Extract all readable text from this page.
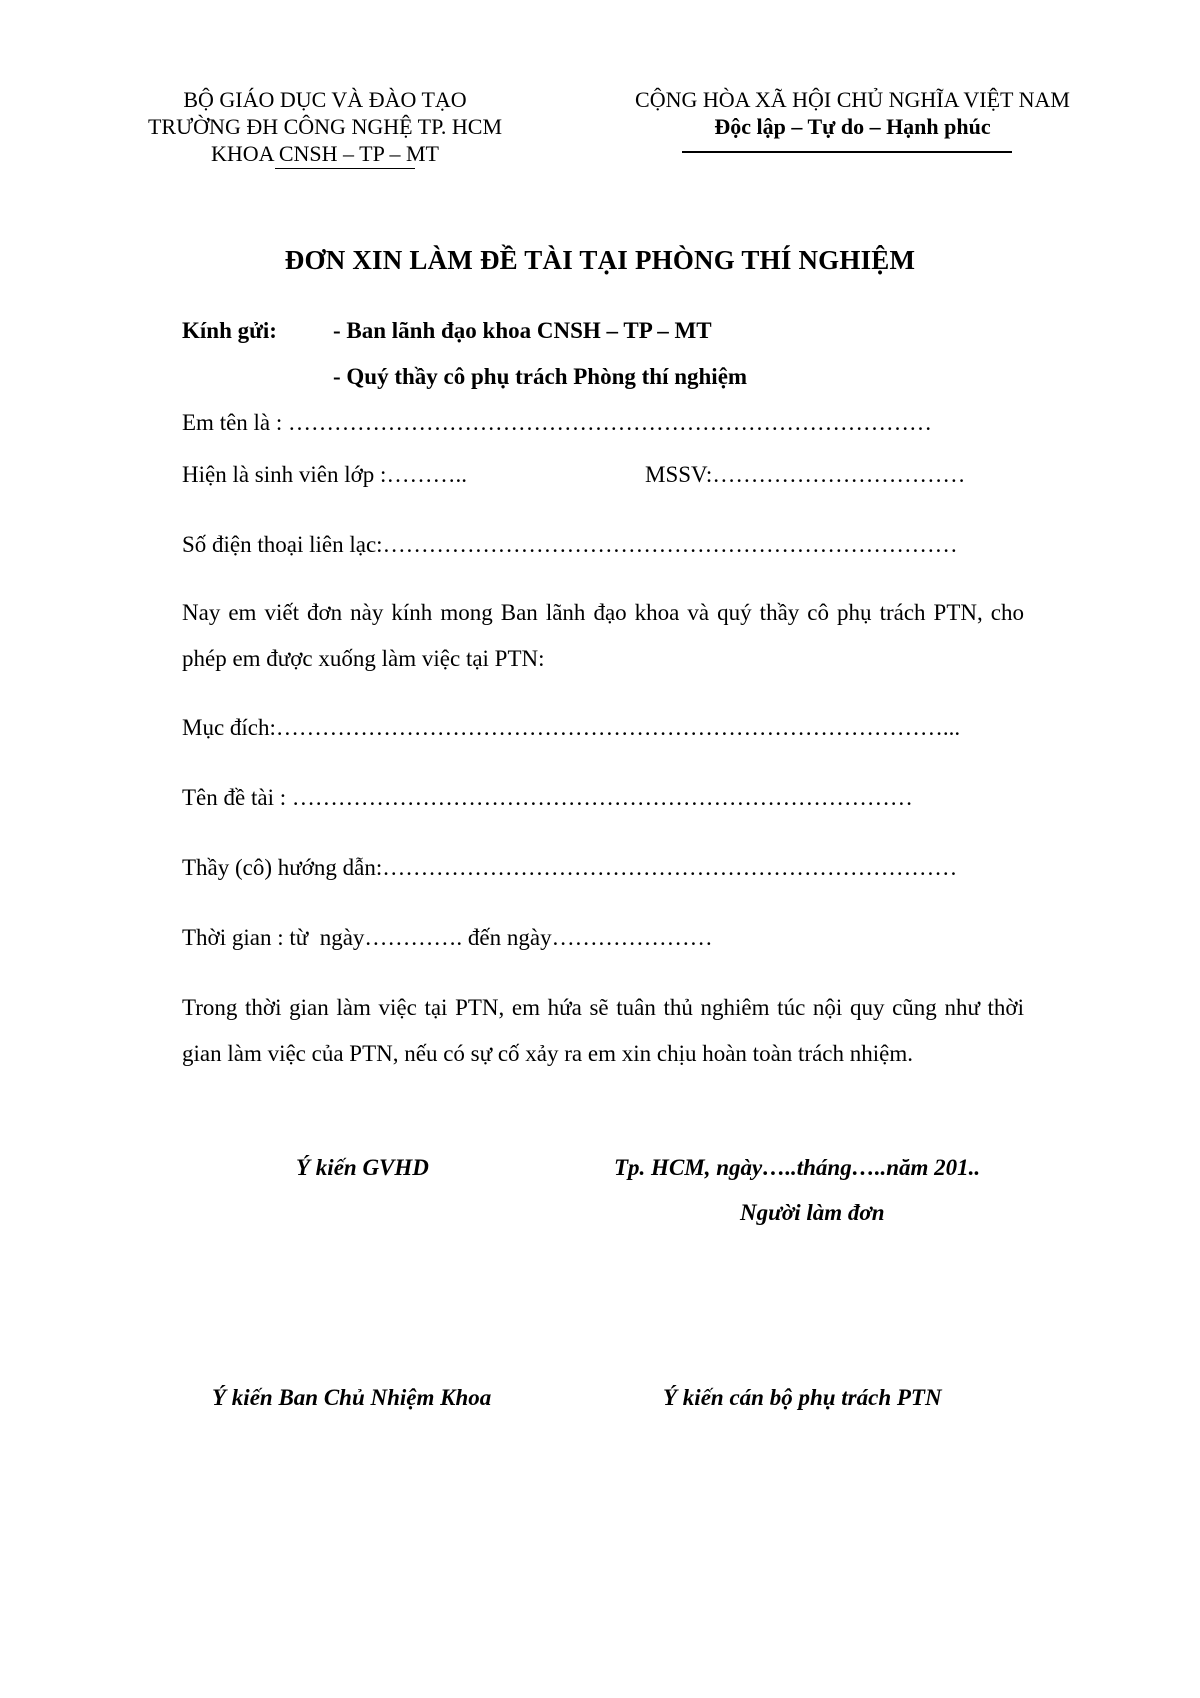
BỘ GIÁO DỤC VÀ ĐÀO TẠO
TRƯỜNG ĐH CÔNG NGHỆ TP. HCM
KHOA CNSH – TP – MT
CỘNG HÒA XÃ HỘI CHỦ NGHĨA VIỆT NAM
Độc lập – Tự do – Hạnh phúc
ĐƠN XIN LÀM ĐỀ TÀI TẠI PHÒNG THÍ NGHIỆM
Kính gửi: - Ban lãnh đạo khoa CNSH – TP – MT
- Quý thầy cô phụ trách Phòng thí nghiệm
Em tên là : …………………………………………………………………………
Hiện là sinh viên lớp :………..	MSSV:……………………………
Số điện thoại liên lạc:…………………………………………………………………
Nay em viết đơn này kính mong Ban lãnh đạo khoa và quý thầy cô phụ trách PTN, cho phép em được xuống làm việc tại PTN:
Mục đích:……………………………………………………………………………...
Tên đề tài : ………………………………………………………………………
Thầy (cô) hướng dẫn:…………………………………………………………………
Thời gian : từ  ngày…………. đến ngày…………………
Trong thời gian làm việc tại PTN, em hứa sẽ tuân thủ nghiêm túc nội quy cũng như thời gian làm việc của PTN, nếu có sự cố xảy ra em xin chịu hoàn toàn trách nhiệm.
Ý kiến GVHD	Tp. HCM, ngày…..tháng…..năm 201..
Người làm đơn
Ý kiến Ban Chủ Nhiệm Khoa	Ý kiến cán bộ phụ trách PTN
